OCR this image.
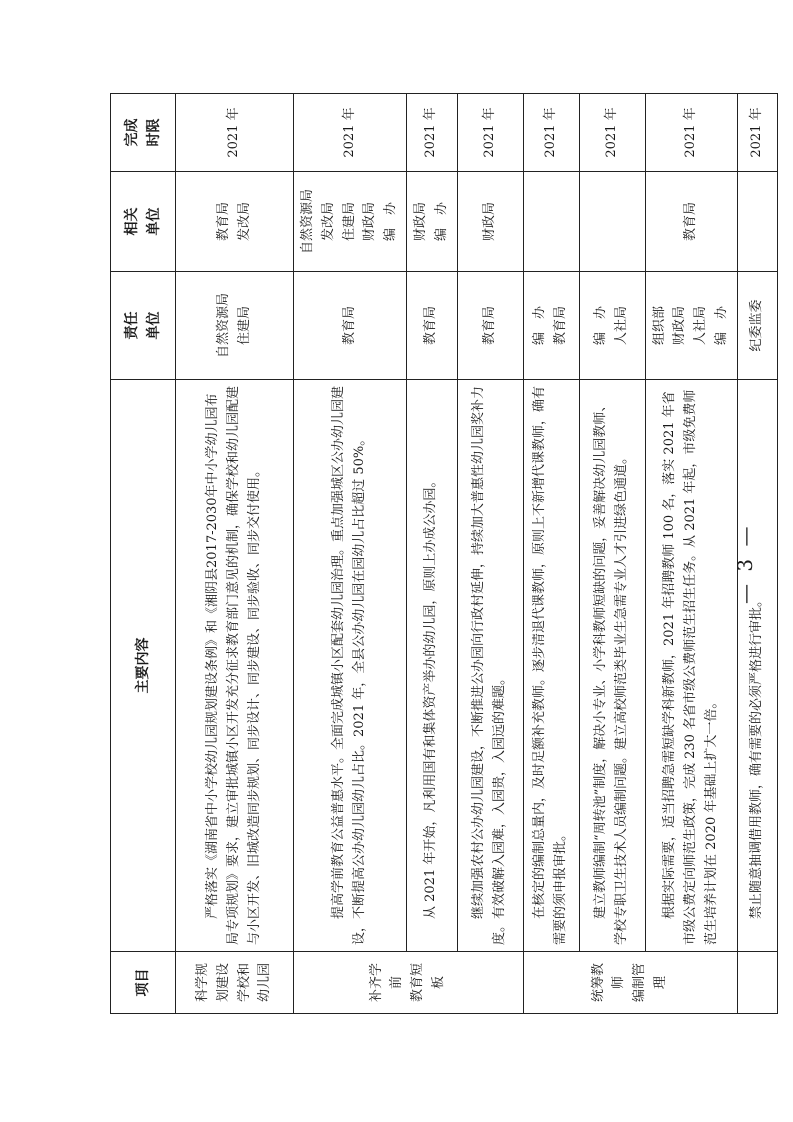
项目	主要内容	责任 单位	相关 单位	完成 时限

科学规划建设学校和幼儿园	严格落实《湖南省中小学校幼儿园规划建设条例》和《湘阴县2017-2030年中小学幼儿园布局专项规划》要求，建立审批城镇小区开发充分征求教育部门意见的机制，确保学校和幼儿园配建与小区开发、旧城改造同步规划、同步设计、同步建设、同步验收、同步交付使用。	自然资源局 住建局	教育局 发改局	2021 年

补齐学前 教育短板	提高学前教育公益普惠水平。全面完成城镇小区配套幼儿园治理。重点加强城区公办幼儿园建设，不断提高公办幼儿园幼儿占比。2021 年，全县公办幼儿园在园幼儿占比超过 50%。	教育局	自然资源局 发改局 住建局 财政局 编　办	2021 年

	从 2021 年开始，凡利用国有和集体资产举办的幼儿园，原则上办成公办园。	教育局	财政局 编　办	2021 年

	继续加强农村公办幼儿园建设，不断推进公办园向行政村延伸，持续加大普惠性幼儿园奖补力度。有效破解入园难，入园贵，入园远的难题。	教育局	财政局	2021 年

统筹教师 编制管理	在核定的编制总量内，及时足额补充教师。逐步清退代课教师，原则上不新增代课教师，确有需要的须申报审批。	编　办 教育局		2021 年

	建立教师编制“周转池”制度，解决小专业、小学科教师短缺的问题，妥善解决幼儿园教师、学校专职卫生技术人员编制问题。建立高校师范类毕业生急需专业人才引进绿色通道。	编　办 人社局		2021 年

	根据实际需要，适当招聘急需短缺学科新教师，2021 年招聘教师 100 名，落实 2021 年省市级公费定向师范生政策，完成 230 名省市级公费师范生招生任务。从 2021 年起，市级免费师范生培养计划在 2020 年基础上扩大一倍。	组织部 财政局 人社局 编　办	教育局	2021 年

	禁止随意抽调借用教师，确有需要的必须严格进行审批。	纪委监委		2021 年
— 3 —
